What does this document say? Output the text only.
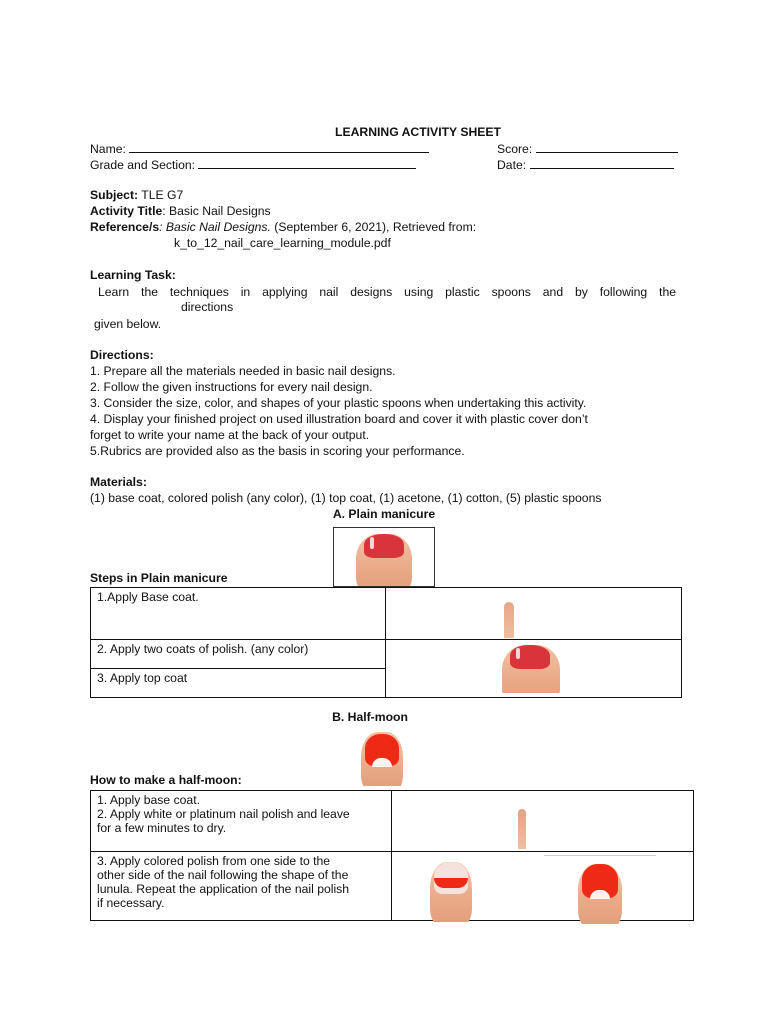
LEARNING ACTIVITY SHEET
Name:	Score:
Grade and Section:	Date:
Subject: TLE G7
Activity Title: Basic Nail Designs
Reference/s: Basic Nail Designs. (September 6, 2021), Retrieved from:
k_to_12_nail_care_learning_module.pdf
Learning Task:
Learn the techniques in applying nail designs using plastic spoons and by following the
directions
given below.
Directions:
1. Prepare all the materials needed in basic nail designs.
2. Follow the given instructions for every nail design.
3. Consider the size, color, and shapes of your plastic spoons when undertaking this activity.
4. Display your finished project on used illustration board and cover it with plastic cover don’t
forget to write your name at the back of your output.
5.Rubrics are provided also as the basis in scoring your performance.
Materials:
(1) base coat, colored polish (any color), (1) top coat, (1) acetone, (1) cotton, (5) plastic spoons
A. Plain manicure
Steps in Plain manicure
1.Apply Base coat.	

2. Apply two coats of polish. (any color)	

3. Apply top coat	
B. Half-moon
How to make a half-moon:
1. Apply base coat.
2. Apply white or platinum nail polish and leave
for a few minutes to dry.	

3. Apply colored polish from one side to the
other side of the nail following the shape of the
lunula. Repeat the application of the nail polish
if necessary.	
